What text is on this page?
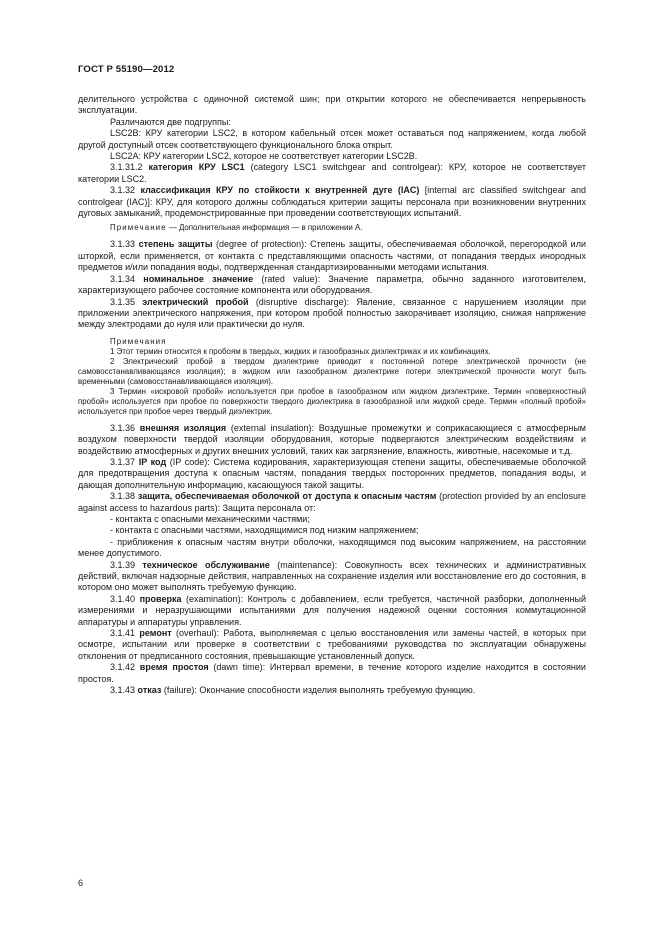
ГОСТ Р 55190—2012

делительного устройства с одиночной системой шин; при открытии которого не обеспечивается непрерывность эксплуатации.

Различаются две подгруппы:

LSC2B: КРУ категории LSC2, в котором кабельный отсек может оставаться под напряжением, когда любой другой доступный отсек соответствующего функционального блока открыт.

LSC2A: КРУ категории LSC2, которое не соответствует категории LSC2B.

3.1.31.2 категория КРУ LSC1 (category LSC1 switchgear and controlgear): КРУ, которое не соответствует категории LSC2.

3.1.32 классификация КРУ по стойкости к внутренней дуге (IAC) [internal arc classified switchgear and controlgear (IAC)]: КРУ, для которого должны соблюдаться критерии защиты персонала при возникновении внутренних дуговых замыканий, продемонстрированные при проведении соответствующих испытаний.

Примечание — Дополнительная информация — в приложении А.

3.1.33 степень защиты (degree of protection): Степень защиты, обеспечиваемая оболочкой, перегородкой или шторкой, если применяется, от контакта с представляющими опасность частями, от попадания твердых инородных предметов и/или попадания воды, подтвержденная стандартизированными методами испытания.

3.1.34 номинальное значение (rated value): Значение параметра, обычно заданного изготовителем, характеризующего рабочее состояние компонента или оборудования.

3.1.35 электрический пробой (disruptive discharge): Явление, связанное с нарушением изоляции при приложении электрического напряжения, при котором пробой полностью закорачивает изоляцию, снижая напряжение между электродами до нуля или практически до нуля.

Примечания

1 Этот термин относится к пробоям в твердых, жидких и газообразных диэлектриках и их комбинациях.

2 Электрический пробой в твердом диэлектрике приводит к постоянной потере электрической прочности (не самовосстанавливающаяся изоляция); в жидком или газообразном диэлектрике потери электрической прочности могут быть временными (самовосстанавливающаяся изоляция).

3 Термин «искровой пробой» используется при пробое в газообразном или жидком диэлектрике. Термин «поверхностный пробой» используется при пробое по поверхности твердого диэлектрика в газообразной или жидкой среде. Термин «полный пробой» используется при пробое через твердый диэлектрик.

3.1.36 внешняя изоляция (external insulation): Воздушные промежутки и соприкасающиеся с атмосферным воздухом поверхности твердой изоляции оборудования, которые подвергаются электрическим воздействиям и воздействию атмосферных и других внешних условий, таких как загрязнение, влажность, животные, насекомые и т.д.

3.1.37 IP код (IP code): Система кодирования, характеризующая степени защиты, обеспечиваемые оболочкой для предотвращения доступа к опасным частям, попадания твердых посторонних предметов, попадания воды, и дающая дополнительную информацию, касающуюся такой защиты.

3.1.38 защита, обеспечиваемая оболочкой от доступа к опасным частям (protection provided by an enclosure against access to hazardous parts): Защита персонала от:

- контакта с опасными механическими частями;

- контакта с опасными частями, находящимися под низким напряжением;

- приближения к опасным частям внутри оболочки, находящимся под высоким напряжением, на расстоянии менее допустимого.

3.1.39 техническое обслуживание (maintenance): Совокупность всех технических и административных действий, включая надзорные действия, направленных на сохранение изделия или восстановление его до состояния, в котором оно может выполнять требуемую функцию.

3.1.40 проверка (examination): Контроль с добавлением, если требуется, частичной разборки, дополненный измерениями и неразрушающими испытаниями для получения надежной оценки состояния коммутационной аппаратуры и аппаратуры управления.

3.1.41 ремонт (overhaul): Работа, выполняемая с целью восстановления или замены частей, в которых при осмотре, испытании или проверке в соответствии с требованиями руководства по эксплуатации обнаружены отклонения от предписанного состояния, превышающие установленный допуск.

3.1.42 время простоя (dawn time): Интервал времени, в течение которого изделие находится в состоянии простоя.

3.1.43 отказ (failure): Окончание способности изделия выполнять требуемую функцию.

6
